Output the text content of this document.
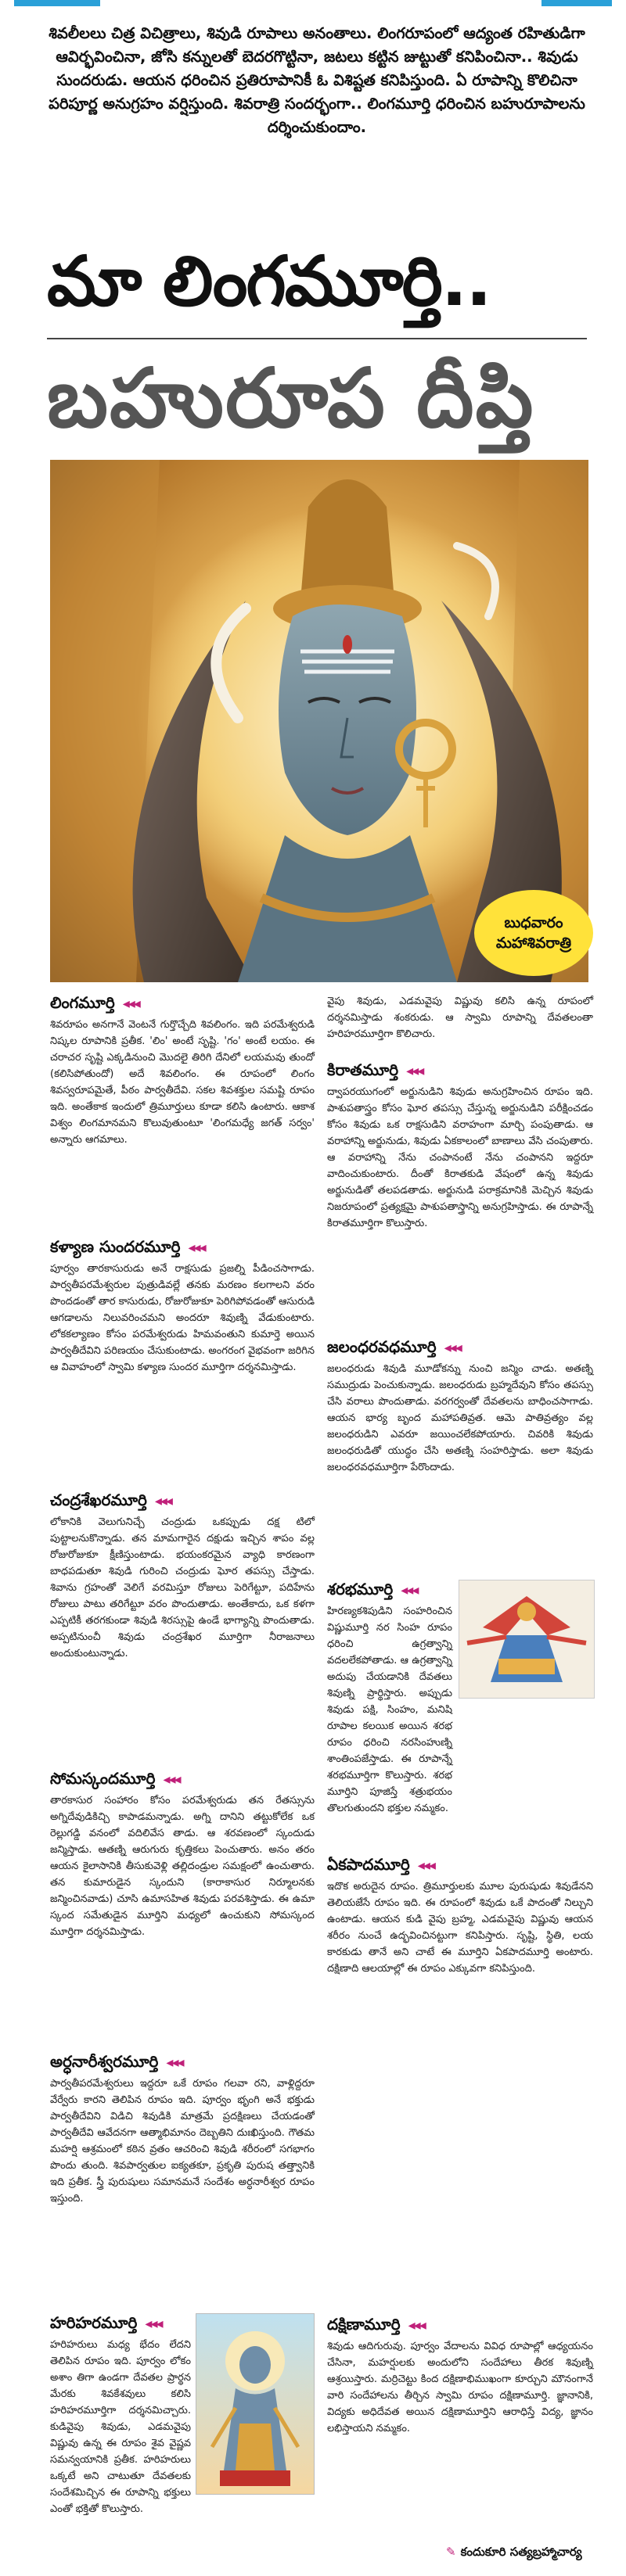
శివలీలలు చిత్ర విచిత్రాలు, శివుడి రూపాలు అనంతాలు. లింగరూపంలో ఆద్యంత రహితుడిగా ఆవిర్భవించినా, జోసి కన్నులతో బెదరగొట్టినా, జటలు కట్టిన జుట్టుతో కనిపించినా.. శివుడు సుందరుడు. ఆయన ధరించిన ప్రతిరూపానికీ ఓ విశిష్టత కనిపిస్తుంది. ఏ రూపాన్ని కొలిచినా పరిపూర్ణ అనుగ్రహం వర్షిస్తుంది. శివరాత్రి సందర్భంగా.. లింగమూర్తి ధరించిన బహురూపాలను దర్శించుకుందాం.

మా లింగమూర్తి..
బహురూప దీప్తి
బుధవారం
మహాశివరాత్రి
లింగమూర్తి ◂◂◂

శివరూపం అనగానే వెంటనే గుర్తొచ్చేది శివలింగం. ఇది పరమేశ్వరుడి నిష్కల రూపానికి ప్రతీక. 'లిం' అంటే సృష్టి. 'గం' అంటే లయం. ఈ చరాచర సృష్టి ఎక్కడినుంచి మొదలై తిరిగి దేనిలో లయమవు తుందో (కలిసిపోతుందో) అదే శివలింగం. ఈ రూపంలో లింగం శివస్వరూపమైతే, పీఠం పార్వతీదేవి. సకల శివశక్తుల సమష్టి రూపం ఇది. అంతేకాక ఇందులో త్రిమూర్తులు కూడా కలిసి ఉంటారు. ఆకాశ విశ్వం లింగమానమని కొలువుతుంటూ 'లింగమధ్యే జగత్ సర్వం' అన్నారు ఆగమాలు.

కళ్యాణ సుందరమూర్తి ◂◂◂

పూర్వం తారకాసురుడు అనే రాక్షసుడు ప్రజల్ని పీడించసాగాడు. పార్వతీపరమేశ్వరుల పుత్రుడివల్లే తనకు మరణం కలగాలని వరం పొందడంతో తార కాసురుడు, రోజురోజుకూ పెరిగిపోవడంతో ఆసురుడి ఆగడాలను నిలువరించమని అందరూ శివుణ్ని వేడుకుంటారు. లోకకల్యాణం కోసం పరమేశ్వరుడు హిమవంతుని కుమార్తె అయిన పార్వతీదేవిని పరిణయం చేసుకుంటాడు. అంగరంగ వైభవంగా జరిగిన ఆ వివాహంలో స్వామి కళ్యాణ సుందర మూర్తిగా దర్శనమిస్తాడు.

చంద్రశేఖరమూర్తి ◂◂◂

లోకానికి వెలుగునిచ్చే చంద్రుడు ఒకప్పుడు దక్ష టిలో పుట్టాలనుకొన్నాడు. తన మామగారైన దక్షుడు ఇచ్చిన శాపం వల్ల రోజురోజుకూ క్షీణిస్తుంటాడు. భయంకరమైన వ్యాధి కారణంగా బాధపడుతూ శివుడి గురించి చంద్రుడు ఘోర తపస్సు చేస్తాడు. శివాను గ్రహంతో వెలిగే వరమిస్తూ రోజులు పెరిగేట్టూ, పదిహేను రోజులు పాటు తరిగేట్టూ వరం పొందుతాడు. అంతేకాదు, ఒక కళగా ఎప్పటికీ తరగకుండా శివుడి శిరస్సుపై ఉండే భాగ్యాన్ని పొందుతాడు. అప్పటినుంచీ శివుడు చంద్రశేఖర మూర్తిగా నీరాజనాలు అందుకుంటున్నాడు.

సోమస్కందమూర్తి ◂◂◂

తారకాసుర సంహారం కోసం పరమేశ్వరుడు తన రేతస్సును అగ్నిదేవుడికిచ్చి కాపాడమన్నాడు. అగ్ని దానిని తట్టుకోలేక ఒక రెల్లుగడ్డి వనంలో వదిలివేస తాడు. ఆ శరవణంలో స్కందుడు జన్మిస్తాడు. ఆతణ్ని ఆరుగురు కృత్తికలు పెంచుతారు. అనం తరం ఆయన కైలాసానికి తీసుకువెళ్లి తల్లిదండ్రుల సమక్షంలో ఉంచుతారు. తన కుమారుడైన స్కందుని (కారాకాసుర నిర్మూలనకు జన్మించినవాడు) చూసి ఉమాసహిత శివుడు పరవశిస్తాడు. ఈ ఉమా స్కంద సమేతుడైన మూర్తిని మధ్యలో ఉంచుకుని సోమస్కంద మూర్తిగా దర్శనమిస్తాడు.

అర్ధనారీశ్వరమూర్తి ◂◂◂

పార్వతీపరమేశ్వరులు ఇద్దరూ ఒకే రూపం గలవా రని, వాళ్లిద్దరూ వేర్వేరు కారని తెలిపిన రూపం ఇది. పూర్వం భృంగి అనే భక్తుడు పార్వతీదేవిని విడిచి శివుడికి మాత్రమే ప్రదక్షిణలు చేయడంతో పార్వతీదేవి ఆవేదనగా ఆత్మాభిమానం దెబ్బతిని దుఃఖిస్తుంది. గౌతమ మహర్షి ఆశ్రమంలో కఠిన వ్రతం ఆచరించి శివుడి శరీరంలో సగభాగం పొందు తుంది. శివపార్వతుల ఐక్యతకూ, ప్రకృతి పురుష తత్త్వానికి ఇది ప్రతీక. స్త్రీ పురుషులు సమానమనే సందేశం అర్ధనారీశ్వర రూపం ఇస్తుంది.

హరిహరమూర్తి ◂◂◂

హరిహరులు మధ్య భేదం లేదని తెలిపిన రూపం ఇది. పూర్వం లోకం అశాం తిగా ఉండగా దేవతల ప్రార్థన మేరకు శివకేశవులు కలిసి హరిహరమూర్తిగా దర్శనమిచ్చారు. కుడివైపు శివుడు, ఎడమవైపు విష్ణువు ఉన్న ఈ రూపం శైవ వైష్ణవ సమన్వయానికి ప్రతీక. హరిహరులు ఒక్కటే అని చాటుతూ దేవతలకు సందేశమిచ్చిన ఈ రూపాన్ని భక్తులు ఎంతో భక్తితో కొలుస్తారు.

వైపు శివుడు, ఎడమవైపు విష్ణువు కలిసి ఉన్న రూపంలో దర్శనమిస్తాడు శంకరుడు. ఆ స్వామి రూపాన్ని దేవతలంతా హరిహరమూర్తిగా కొలిచారు.

కిరాతమూర్తి ◂◂◂

ద్వాపరయుగంలో అర్జునుడిని శివుడు అనుగ్రహించిన రూపం ఇది. పాశుపతాస్త్రం కోసం ఘోర తపస్సు చేస్తున్న అర్జునుడిని పరీక్షించడం కోసం శివుడు ఒక రాక్షసుడిని వరాహంగా మార్చి పంపుతాడు. ఆ వరాహాన్ని అర్జునుడు, శివుడు ఏకకాలంలో బాణాలు వేసి చంపుతారు. ఆ వరాహాన్ని నేను చంపానంటే నేను చంపానని ఇద్దరూ వాదించుకుంటారు. దీంతో కిరాతకుడి వేషంలో ఉన్న శివుడు అర్జునుడితో తలపడతాడు. అర్జునుడి పరాక్రమానికి మెచ్చిన శివుడు నిజరూపంలో ప్రత్యక్షమై పాశుపతాస్త్రాన్ని అనుగ్రహిస్తాడు. ఈ రూపాన్నే కిరాతమూర్తిగా కొలుస్తారు.

జలంధరవధమూర్తి ◂◂◂

జలంధరుడు శివుడి మూడోకన్ను నుంచి జన్మిం చాడు. అతణ్ని సముద్రుడు పెంచుకున్నాడు. జలంధరుడు బ్రహ్మదేవుని కోసం తపస్సు చేసి వరాలు పొందుతాడు. వరగర్వంతో దేవతలను బాధించసాగాడు. ఆయన భార్య బృంద మహాపతివ్రత. ఆమె పాతివ్రత్యం వల్ల జలంధరుడిని ఎవరూ జయించలేకపోయారు. చివరికి శివుడు జలంధరుడితో యుద్ధం చేసి అతణ్ని సంహరిస్తాడు. అలా శివుడు జలంధరవధమూర్తిగా పేరొందాడు.

శరభమూర్తి ◂◂◂

హిరణ్యకశిపుడిని సంహరించిన విష్ణుమూర్తి నర సింహ రూపం ధరించి ఉగ్రత్వాన్ని వదలలేకపోతాడు. ఆ ఉగ్రత్వాన్ని అదుపు చేయడానికి దేవతలు శివుణ్ని ప్రార్థిస్తారు. అప్పుడు శివుడు పక్షి, సింహం, మనిషి రూపాల కలయిక అయిన శరభ రూపం ధరించి నరసింహుణ్ని శాంతింపజేస్తాడు. ఈ రూపాన్నే శరభమూర్తిగా కొలుస్తారు. శరభ మూర్తిని పూజిస్తే శత్రుభయం తొలగుతుందని భక్తుల నమ్మకం.

ఏకపాదమూర్తి ◂◂◂

ఇదొక అరుదైన రూపం. త్రిమూర్తులకు మూల పురుషుడు శివుడేనని తెలియజేసే రూపం ఇది. ఈ రూపంలో శివుడు ఒకే పాదంతో నిల్చుని ఉంటాడు. ఆయన కుడి వైపు బ్రహ్మ, ఎడమవైపు విష్ణువు ఆయన శరీరం నుంచే ఉద్భవించినట్టుగా కనిపిస్తారు. సృష్టి, స్థితి, లయ కారకుడు తానే అని చాటే ఈ మూర్తిని ఏకపాదమూర్తి అంటారు. దక్షిణాది ఆలయాల్లో ఈ రూపం ఎక్కువగా కనిపిస్తుంది.

దక్షిణామూర్తి ◂◂◂

శివుడు ఆదిగురువు. పూర్వం వేదాలను వివిధ రూపాల్లో ఆధ్యయనం చేసినా, మహర్షులకు అందులోని సందేహాలు తీరక శివుణ్ని ఆశ్రయిస్తారు. మర్రిచెట్టు కింద దక్షిణాభిముఖంగా కూర్చుని మౌనంగానే వారి సందేహాలను తీర్చిన స్వామి రూపం దక్షిణామూర్తి. జ్ఞానానికి, విద్యకు అధిదేవత అయిన దక్షిణామూర్తిని ఆరాధిస్తే విద్య, జ్ఞానం లభిస్తాయని నమ్మకం.

✎ కందుకూరి సత్యబ్రహ్మాచార్య
